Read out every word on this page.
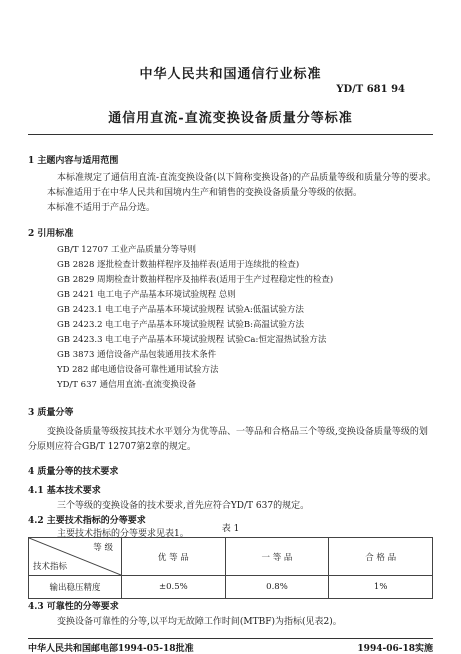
中华人民共和国通信行业标准
YD/T 681 94
通信用直流-直流变换设备质量分等标准
1 主题内容与适用范围
本标准规定了通信用直流-直流变换设备(以下简称变换设备)的产品质量等级和质量分等的要求。
本标准适用于在中华人民共和国境内生产和销售的变换设备质量分等级的依据。
本标准不适用于产品分选。
2 引用标准
GB/T 12707 工业产品质量分等导则
GB 2828 逐批检查计数抽样程序及抽样表(适用于连续批的检查)
GB 2829 周期检查计数抽样程序及抽样表(适用于生产过程稳定性的检查)
GB 2421 电工电子产品基本环境试验规程 总则
GB 2423.1 电工电子产品基本环境试验规程 试验A:低温试验方法
GB 2423.2 电工电子产品基本环境试验规程 试验B:高温试验方法
GB 2423.3 电工电子产品基本环境试验规程 试验Ca:恒定湿热试验方法
GB 3873 通信设备产品包装通用技术条件
YD 282 邮电通信设备可靠性通用试验方法
YD/T 637 通信用直流-直流变换设备
3 质量分等
变换设备质量等级按其技术水平划分为优等品、一等品和合格品三个等级,变换设备质量等级的划
分原则应符合GB/T 12707第2章的规定。
4 质量分等的技术要求
4.1 基本技术要求
三个等级的变换设备的技术要求,首先应符合YD/T 637的规定。
4.2 主要技术指标的分等要求
主要技术指标的分等要求见表1。	表 1
等 级
技术指标	优 等 品	一 等 品	合 格 品
输出稳压精度	±0.5%	0.8%	1%
4.3 可靠性的分等要求
变换设备可靠性的分等,以平均无故障工作时间(MTBF)为指标(见表2)。
中华人民共和国邮电部1994-05-18批准	1994-06-18实施
